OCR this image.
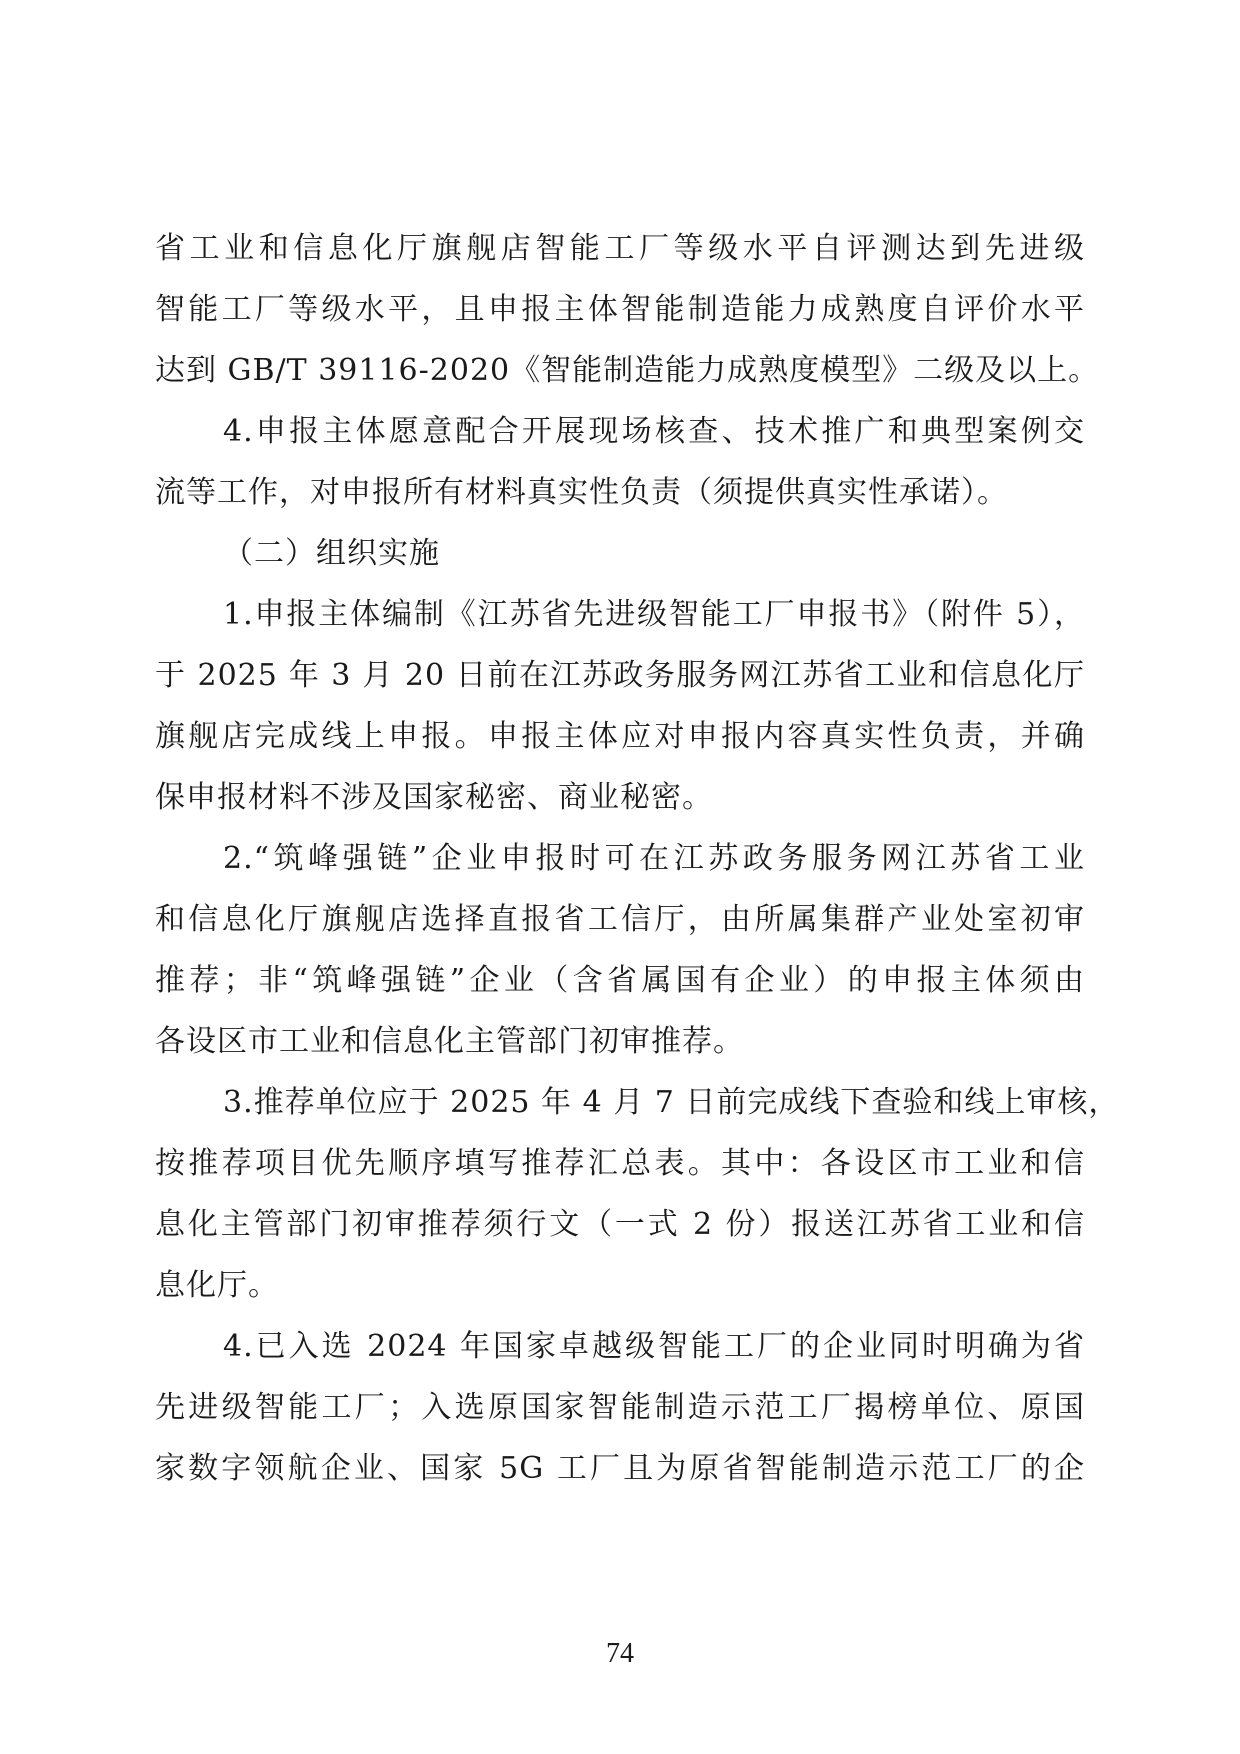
省工业和信息化厅旗舰店智能工厂等级水平自评测达到先进级
智能工厂等级水平，且申报主体智能制造能力成熟度自评价水平
达到 GB/T 39116-2020《智能制造能力成熟度模型》二级及以上。
4.申报主体愿意配合开展现场核查、技术推广和典型案例交
流等工作，对申报所有材料真实性负责（须提供真实性承诺）。
（二）组织实施
1.申报主体编制《江苏省先进级智能工厂申报书》（附件 5），
于 2025 年 3 月 20 日前在江苏政务服务网江苏省工业和信息化厅
旗舰店完成线上申报。申报主体应对申报内容真实性负责，并确
保申报材料不涉及国家秘密、商业秘密。
2.“筑峰强链”企业申报时可在江苏政务服务网江苏省工业
和信息化厅旗舰店选择直报省工信厅，由所属集群产业处室初审
推荐；非“筑峰强链”企业（含省属国有企业）的申报主体须由
各设区市工业和信息化主管部门初审推荐。
3.推荐单位应于 2025 年 4 月 7 日前完成线下查验和线上审核，
按推荐项目优先顺序填写推荐汇总表。其中：各设区市工业和信
息化主管部门初审推荐须行文（一式 2 份）报送江苏省工业和信
息化厅。
4.已入选 2024 年国家卓越级智能工厂的企业同时明确为省
先进级智能工厂；入选原国家智能制造示范工厂揭榜单位、原国
家数字领航企业、国家 5G 工厂且为原省智能制造示范工厂的企
74
